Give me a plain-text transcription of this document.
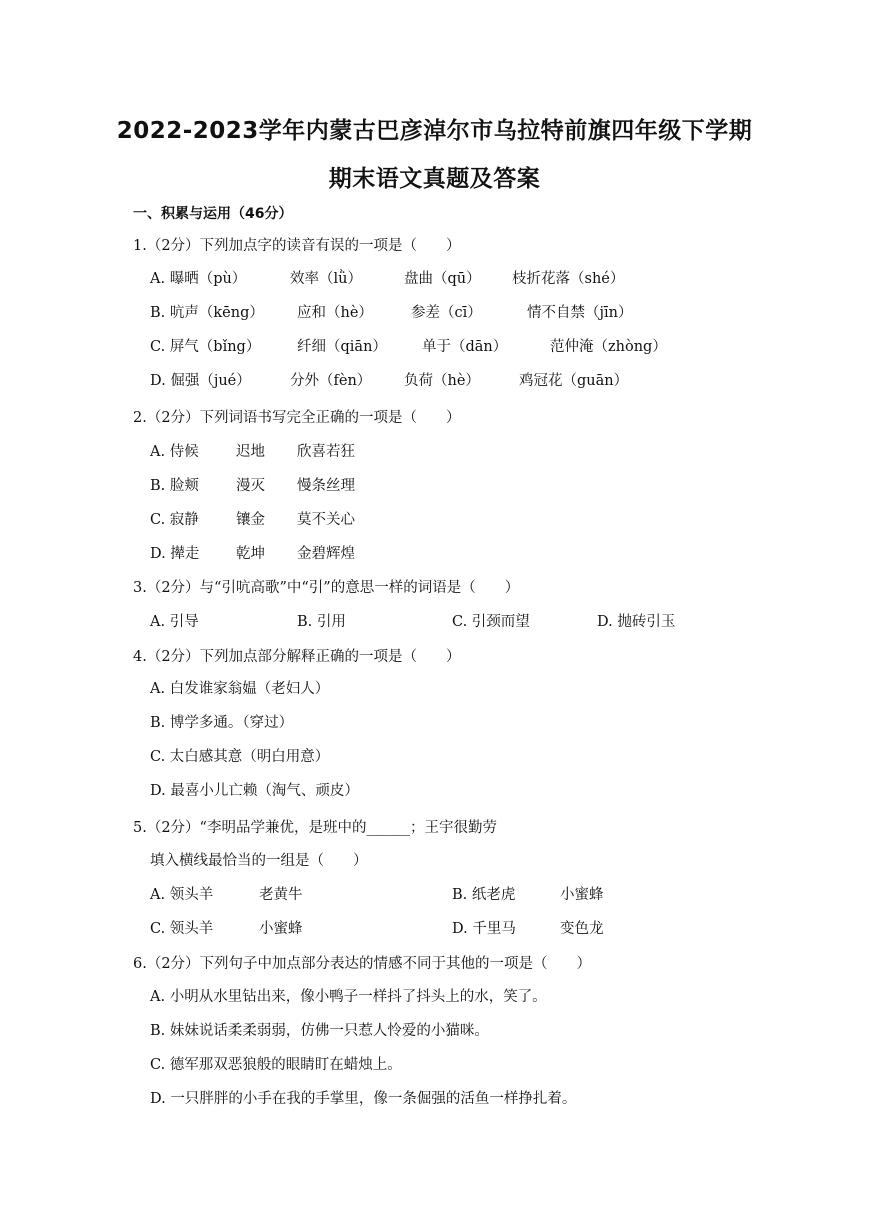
2022-2023学年内蒙古巴彦淖尔市乌拉特前旗四年级下学期
期末语文真题及答案
一、积累与运用（46分）
1.（2分）下列加点字的读音有误的一项是（　　）
A. 曝晒（pù）	效率（lǜ）	盘曲（qū） 枝折花落（shé）
B. 吭声（kēng） 应和（hè）	参差（cī）	情不自禁（jīn）
C. 屏气（bǐng）	纤细（qiān） 单于（dān）	范仲淹（zhòng）
D. 倔强（jué）	分外（fèn） 负荷（hè）	鸡冠花（guān）
2.（2分）下列词语书写完全正确的一项是（　　）
A. 侍候	迟地 欣喜若狂
B. 脸颊	漫灭 慢条丝理
C. 寂静	镶金 莫不关心
D. 撵走	乾坤 金碧辉煌
3.（2分）与“引吭高歌”中“引”的意思一样的词语是（　　）
A. 引导	B. 引用	C. 引颈而望	D. 抛砖引玉
4.（2分）下列加点部分解释正确的一项是（　　）
A. 白发谁家翁媪（老妇人）
B. 博学多通。（穿过）
C. 太白感其意（明白用意）
D. 最喜小儿亡赖（淘气、顽皮）
5.（2分）“李明品学兼优，是班中的______；王宇很勤劳
填入横线最恰当的一组是（　　）
A. 领头羊	老黄牛	B. 纸老虎	小蜜蜂
C. 领头羊	小蜜蜂	D. 千里马	变色龙
6.（2分）下列句子中加点部分表达的情感不同于其他的一项是（　　）
A. 小明从水里钻出来，像小鸭子一样抖了抖头上的水，笑了。
B. 妹妹说话柔柔弱弱，仿佛一只惹人怜爱的小猫咪。
C. 德军那双恶狼般的眼睛盯在蜡烛上。
D. 一只胖胖的小手在我的手掌里，像一条倔强的活鱼一样挣扎着。
